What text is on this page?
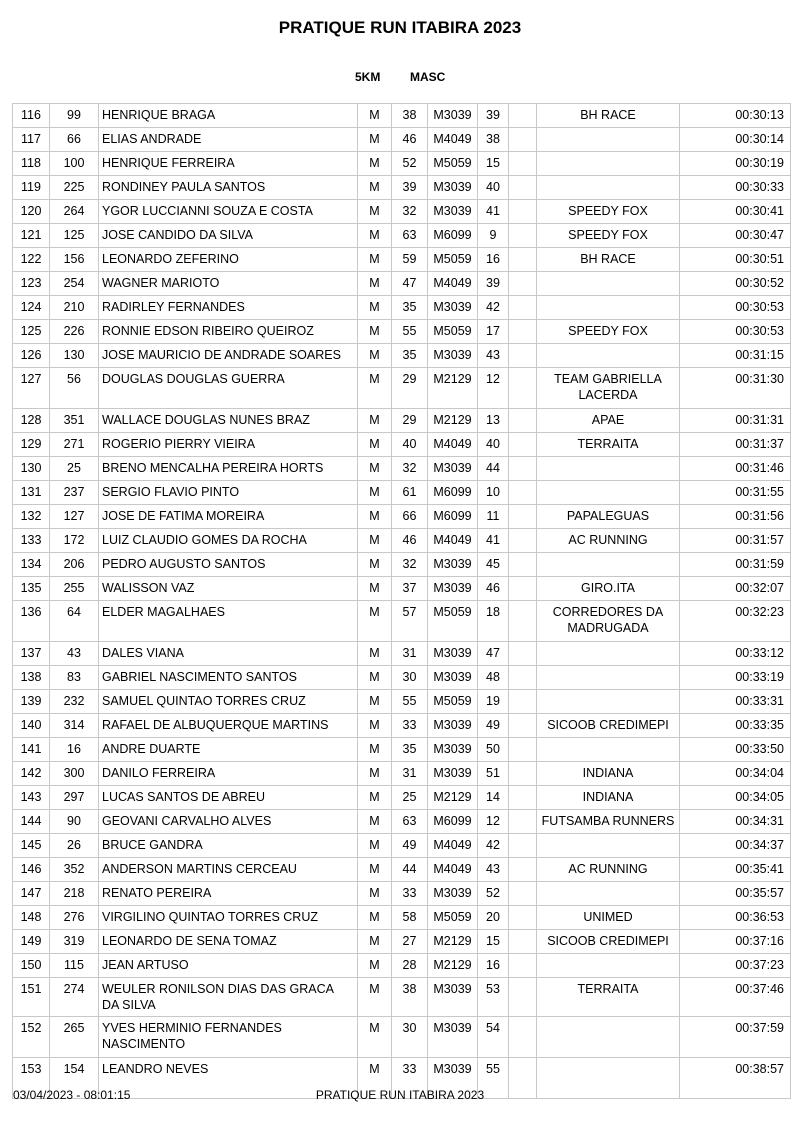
PRATIQUE RUN ITABIRA 2023
5KM MASC
116	99	HENRIQUE BRAGA	M	38	M3039	39		BH RACE	00:30:13
117	66	ELIAS ANDRADE	M	46	M4049	38			00:30:14
118	100	HENRIQUE FERREIRA	M	52	M5059	15			00:30:19
119	225	RONDINEY PAULA SANTOS	M	39	M3039	40			00:30:33
120	264	YGOR LUCCIANNI SOUZA E COSTA	M	32	M3039	41		SPEEDY FOX	00:30:41
121	125	JOSE CANDIDO DA SILVA	M	63	M6099	9		SPEEDY FOX	00:30:47
122	156	LEONARDO ZEFERINO	M	59	M5059	16		BH RACE	00:30:51
123	254	WAGNER MARIOTO	M	47	M4049	39			00:30:52
124	210	RADIRLEY FERNANDES	M	35	M3039	42			00:30:53
125	226	RONNIE EDSON RIBEIRO QUEIROZ	M	55	M5059	17		SPEEDY FOX	00:30:53
126	130	JOSE MAURICIO DE ANDRADE SOARES	M	35	M3039	43			00:31:15
127	56	DOUGLAS DOUGLAS GUERRA	M	29	M2129	12		TEAM GABRIELLA LACERDA	00:31:30
128	351	WALLACE DOUGLAS NUNES BRAZ	M	29	M2129	13		APAE	00:31:31
129	271	ROGERIO PIERRY VIEIRA	M	40	M4049	40		TERRAITA	00:31:37
130	25	BRENO MENCALHA PEREIRA HORTS	M	32	M3039	44			00:31:46
131	237	SERGIO FLAVIO PINTO	M	61	M6099	10			00:31:55
132	127	JOSE DE FATIMA MOREIRA	M	66	M6099	11		PAPALEGUAS	00:31:56
133	172	LUIZ CLAUDIO GOMES DA ROCHA	M	46	M4049	41		AC RUNNING	00:31:57
134	206	PEDRO AUGUSTO SANTOS	M	32	M3039	45			00:31:59
135	255	WALISSON VAZ	M	37	M3039	46		GIRO.ITA	00:32:07
136	64	ELDER MAGALHAES	M	57	M5059	18		CORREDORES DA MADRUGADA	00:32:23
137	43	DALES VIANA	M	31	M3039	47			00:33:12
138	83	GABRIEL NASCIMENTO SANTOS	M	30	M3039	48			00:33:19
139	232	SAMUEL QUINTAO TORRES CRUZ	M	55	M5059	19			00:33:31
140	314	RAFAEL DE ALBUQUERQUE MARTINS	M	33	M3039	49		SICOOB CREDIMEPI	00:33:35
141	16	ANDRE DUARTE	M	35	M3039	50			00:33:50
142	300	DANILO FERREIRA	M	31	M3039	51		INDIANA	00:34:04
143	297	LUCAS SANTOS DE ABREU	M	25	M2129	14		INDIANA	00:34:05
144	90	GEOVANI CARVALHO ALVES	M	63	M6099	12		FUTSAMBA RUNNERS	00:34:31
145	26	BRUCE GANDRA	M	49	M4049	42			00:34:37
146	352	ANDERSON MARTINS CERCEAU	M	44	M4049	43		AC RUNNING	00:35:41
147	218	RENATO PEREIRA	M	33	M3039	52			00:35:57
148	276	VIRGILINO QUINTAO TORRES CRUZ	M	58	M5059	20		UNIMED	00:36:53
149	319	LEONARDO DE SENA TOMAZ	M	27	M2129	15		SICOOB CREDIMEPI	00:37:16
150	115	JEAN ARTUSO	M	28	M2129	16			00:37:23
151	274	WEULER RONILSON DIAS DAS GRACA DA SILVA	M	38	M3039	53		TERRAITA	00:37:46
152	265	YVES HERMINIO FERNANDES NASCIMENTO	M	30	M3039	54			00:37:59
153	154	LEANDRO NEVES	M	33	M3039	55			00:38:57
03/04/2023 - 08:01:15	PRATIQUE RUN ITABIRA 2023
